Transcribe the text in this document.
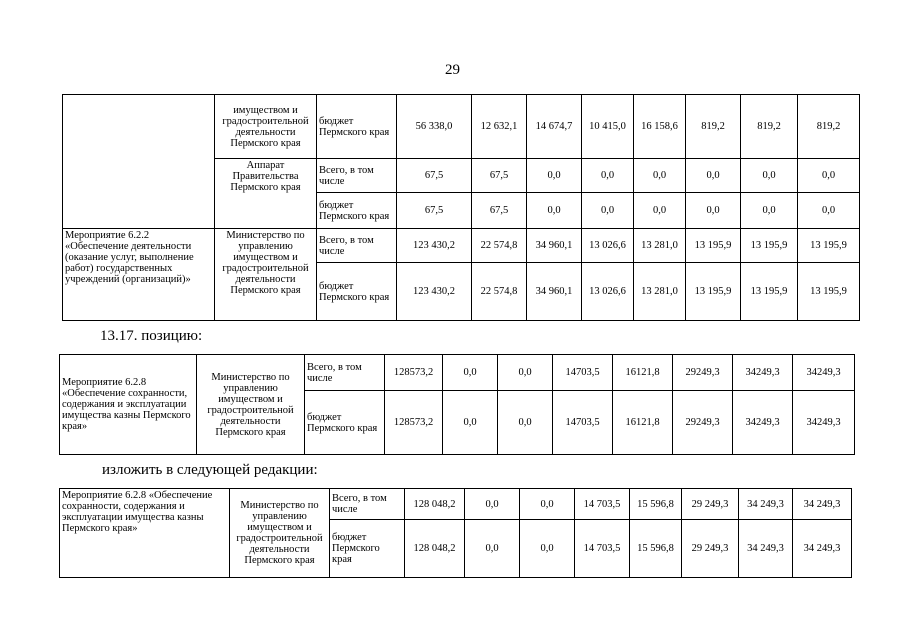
29
	имуществом и градостроительной деятельности Пермского края	бюджет Пермского края	56 338,0	12 632,1	14 674,7	10 415,0	16 158,6	819,2	819,2	819,2
	Аппарат Правительства Пермского края	Всего, в том числе	67,5	67,5	0,0	0,0	0,0	0,0	0,0	0,0
		бюджет Пермского края	67,5	67,5	0,0	0,0	0,0	0,0	0,0	0,0
Мероприятие 6.2.2 «Обеспечение деятельности (оказание услуг, выполнение работ) государственных учреждений (организаций)»	Министерство по управлению имуществом и градостроительной деятельности Пермского края	Всего, в том числе	123 430,2	22 574,8	34 960,1	13 026,6	13 281,0	13 195,9	13 195,9	13 195,9
		бюджет Пермского края	123 430,2	22 574,8	34 960,1	13 026,6	13 281,0	13 195,9	13 195,9	13 195,9
13.17. позицию:
Мероприятие 6.2.8 «Обеспечение сохранности, содержания и эксплуатации имущества казны Пермского края»	Министерство по управлению имуществом и градостроительной деятельности Пермского края	Всего, в том числе	128573,2	0,0	0,0	14703,5	16121,8	29249,3	34249,3	34249,3
		бюджет Пермского края	128573,2	0,0	0,0	14703,5	16121,8	29249,3	34249,3	34249,3
изложить в следующей редакции:
Мероприятие 6.2.8 «Обеспечение сохранности, содержания и эксплуатации имущества казны Пермского края»	Министерство по управлению имуществом и градостроительной деятельности Пермского края	Всего, в том числе	128 048,2	0,0	0,0	14 703,5	15 596,8	29 249,3	34 249,3	34 249,3
		бюджет Пермского края	128 048,2	0,0	0,0	14 703,5	15 596,8	29 249,3	34 249,3	34 249,3
